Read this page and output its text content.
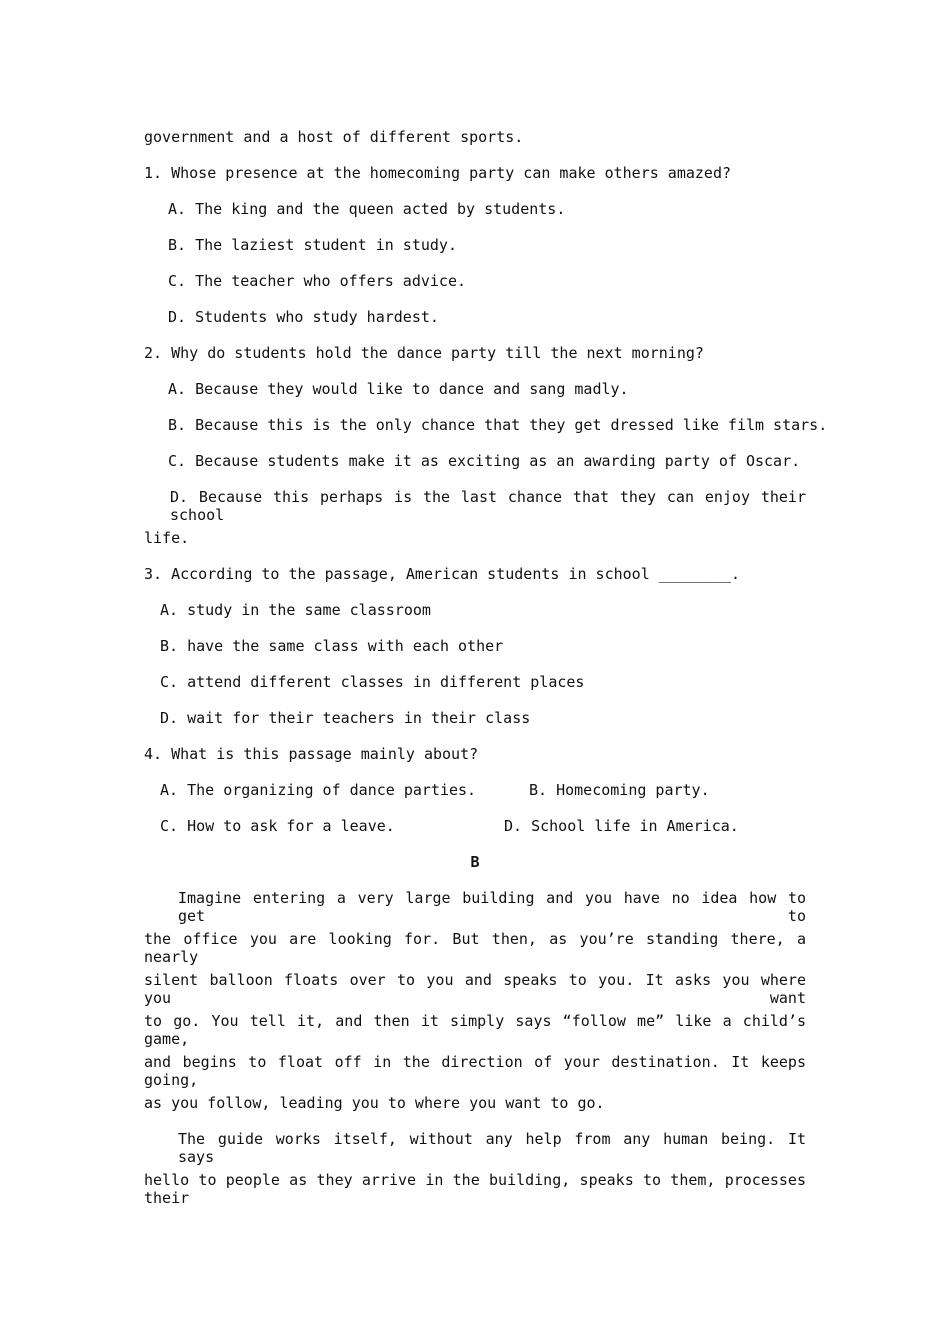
government and a host of different sports.
1. Whose presence at the homecoming party can make others amazed?
A. The king and the queen acted by students.
B. The laziest student in study.
C. The teacher who offers advice.
D. Students who study hardest.
2. Why do students hold the dance party till the next morning?
A. Because they would like to dance and sang madly.
B. Because this is the only chance that they get dressed like film stars.
C. Because students make it as exciting as an awarding party of Oscar.
D. Because this perhaps is the last chance that they can enjoy their school
life.
3. According to the passage, American students in school ________.
A. study in the same classroom
B. have the same class with each other
C. attend different classes in different places
D. wait for their teachers in their class
4. What is this passage mainly about?
A. The organizing of dance parties.	B. Homecoming party.
C. How to ask for a leave.	D. School life in America.
B
Imagine entering a very large building and you have no idea how to get to
the office you are looking for. But then, as you’re standing there, a nearly
silent balloon floats over to you and speaks to you. It asks you where you want
to go. You tell it, and then it simply says “follow me” like a child’s game,
and begins to float off in the direction of your destination. It keeps going,
as you follow, leading you to where you want to go.
The guide works itself, without any help from any human being. It says
hello to people as they arrive in the building, speaks to them, processes their
